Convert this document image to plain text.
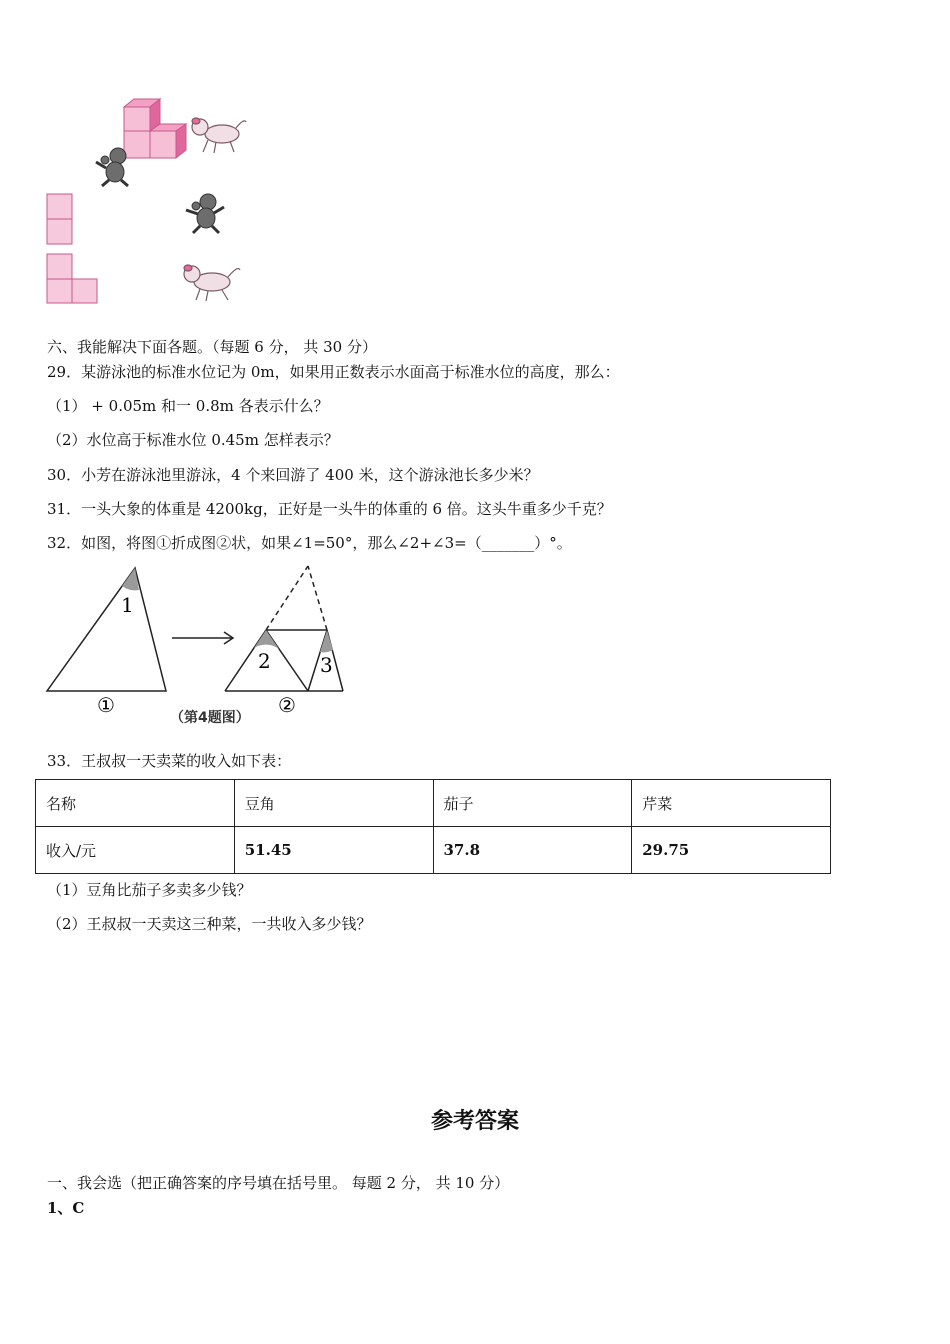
六、我能解决下面各题。（每题 6 分， 共 30 分）
29．某游泳池的标准水位记为 0m，如果用正数表示水面高于标准水位的高度，那么：
（1） + 0.05m 和一 0.8m 各表示什么？
（2）水位高于标准水位 0.45m 怎样表示？
30．小芳在游泳池里游泳，4 个来回游了 400 米，这个游泳池长多少米？
31．一头大象的体重是 4200kg，正好是一头牛的体重的 6 倍。这头牛重多少千克？
32．如图，将图①折成图②状，如果∠1=50°，那么∠2+∠3=（_______）°。
1
2 3
①
（第4题图）
②
33．王叔叔一天卖菜的收入如下表：
名称	豆角	茄子	芹菜
收入/元	51.45	37.8	29.75
（1）豆角比茄子多卖多少钱？
（2）王叔叔一天卖这三种菜，一共收入多少钱？
参考答案
一、我会选（把正确答案的序号填在括号里。 每题 2 分， 共 10 分）
1、C
